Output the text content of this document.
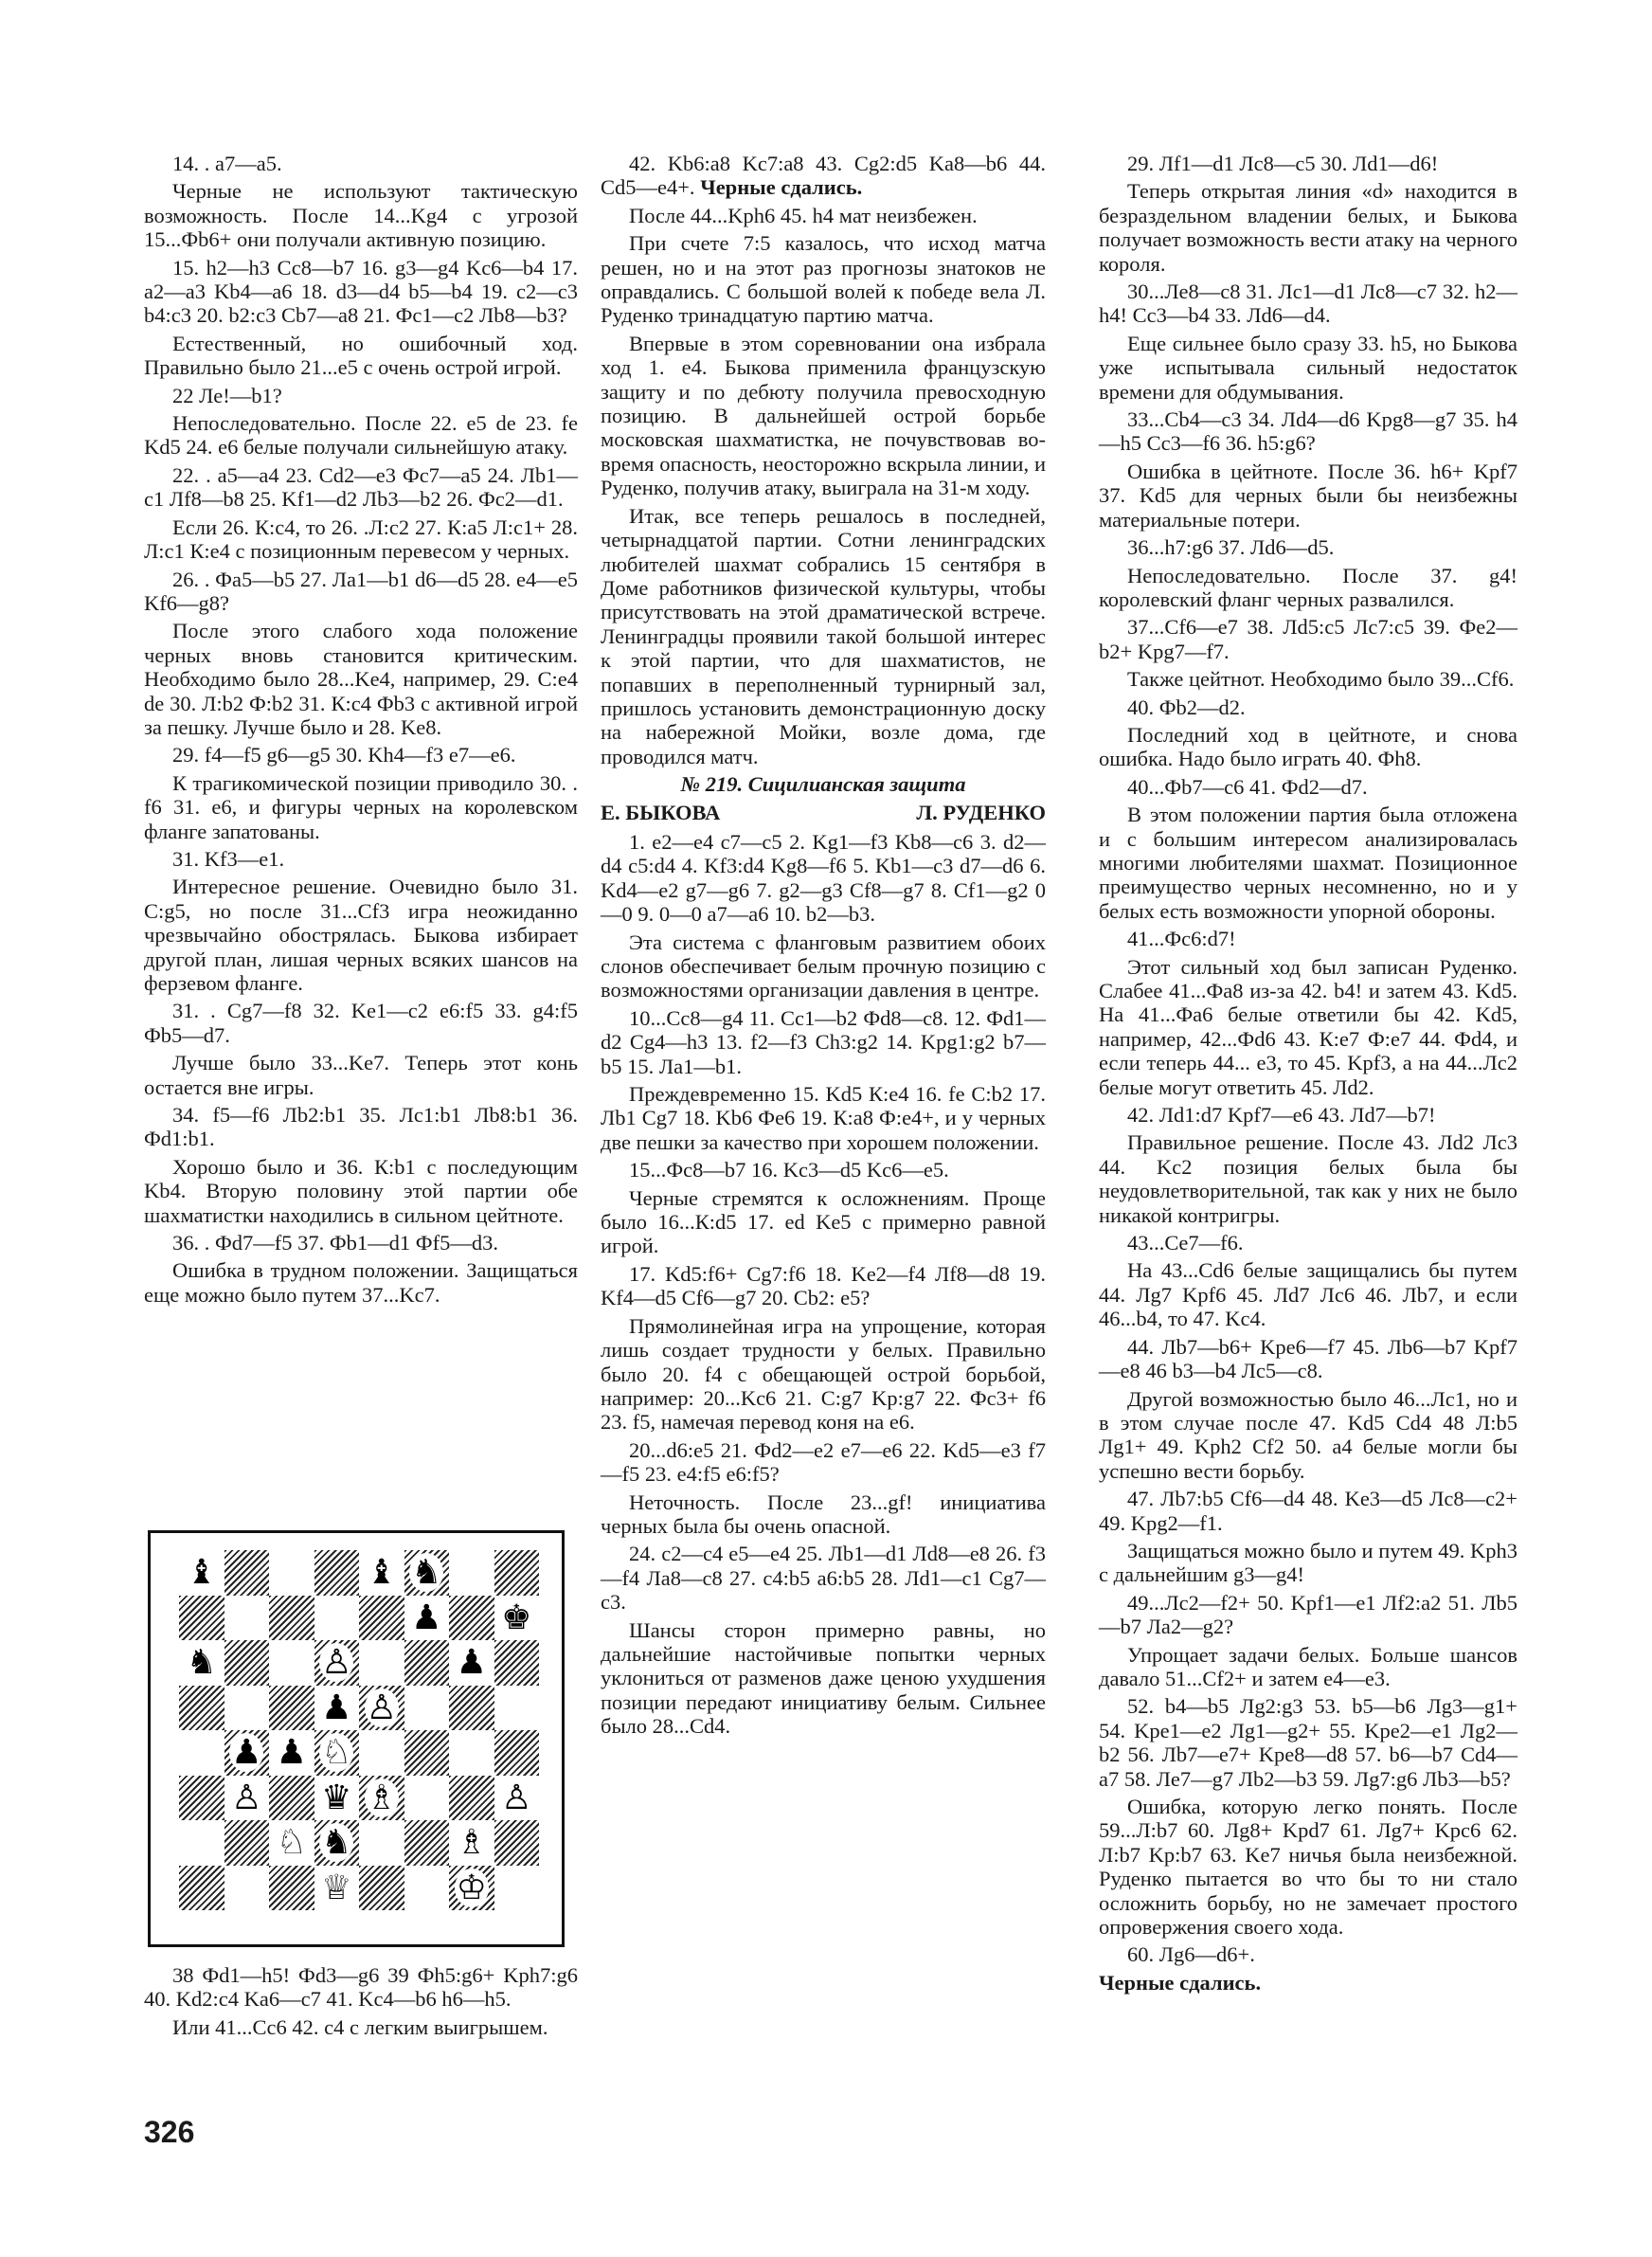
14. . а7—а5.

Черные не используют тактическую возможность. После 14...Kg4 с угрозой 15...Фb6+ они получали активную позицию.

15. h2—h3 Сс8—b7 16. g3—g4 Kc6—b4 17. a2—a3 Kb4—a6 18. d3—d4 b5—b4 19. с2—с3 b4:c3 20. b2:c3 Cb7—a8 21. Фc1—c2 Лb8—b3?

Естественный, но ошибочный ход. Правильно было 21...e5 с очень острой игрой.

22 Ле!—b1?

Непоследовательно. После 22. e5 de 23. fe Kd5 24. e6 белые получали сильнейшую атаку.

22. . а5—а4 23. Cd2—e3 Фс7—а5 24. Лb1—c1 Лf8—b8 25. Kf1—d2 Лb3—b2 26. Фc2—d1.

Если 26. К:с4, то 26. .Л:с2 27. К:а5 Л:с1+ 28. Л:с1 К:е4 с позиционным перевесом у черных.

26. . Фа5—b5 27. Лa1—b1 d6—d5 28. e4—e5 Kf6—g8?

После этого слабого хода положение черных вновь становится критическим. Необходимо было 28...Ke4, например, 29. С:е4 de 30. Л:b2 Ф:b2 31. К:с4 Фb3 с активной игрой за пешку. Лучше было и 28. Ke8.

29. f4—f5 g6—g5 30. Kh4—f3 e7—e6.

К трагикомической позиции приводило 30. . f6 31. e6, и фигуры черных на королевском фланге запатованы.

31. Kf3—e1.

Интересное решение. Очевидно было 31. С:g5, но после 31...Cf3 игра неожиданно чрезвычайно обострялась. Быкова избирает другой план, лишая черных всяких шансов на ферзевом фланге.

31. . Cg7—f8 32. Ke1—c2 e6:f5 33. g4:f5 Фb5—d7.

Лучше было 33...Ke7. Теперь этот конь остается вне игры.

34. f5—f6 Лb2:b1 35. Лc1:b1 Лb8:b1 36. Фd1:b1.

Хорошо было и 36. К:b1 с последующим Kb4. Вторую половину этой партии обе шахматистки находились в сильном цейтноте.

36. . Фd7—f5 37. Фb1—d1 Фf5—d3.

Ошибка в трудном положении. Защищаться еще можно было путем 37...Kc7.

42. Kb6:a8 Kc7:a8 43. Cg2:d5 Ka8—b6 44. Cd5—e4+. Черные сдались.

После 44...Kph6 45. h4 мат неизбежен.

При счете 7:5 казалось, что исход матча решен, но и на этот раз прогнозы знатоков не оправдались. С большой волей к победе вела Л. Руденко тринадцатую партию матча.

Впервые в этом соревновании она избрала ход 1. е4. Быкова применила французскую защиту и по дебюту получила превосходную позицию. В дальнейшей острой борьбе московская шахматистка, не почувствовав во-время опасность, неосторожно вскрыла линии, и Руденко, получив атаку, выиграла на 31-м ходу.

Итак, все теперь решалось в последней, четырнадцатой партии. Сотни ленинградских любителей шахмат собрались 15 сентября в Доме работников физической культуры, чтобы присутствовать на этой драматической встрече. Ленинградцы проявили такой большой интерес к этой партии, что для шахматистов, не попавших в переполненный турнирный зал, пришлось установить демонстрационную доску на набережной Мойки, возле дома, где проводился матч.

№ 219. Сицилианская защита

Е. БЫКОВА	Л. РУДЕНКО

1. e2—e4 c7—c5 2. Kg1—f3 Kb8—c6 3. d2—d4 c5:d4 4. Kf3:d4 Kg8—f6 5. Kb1—c3 d7—d6 6. Kd4—e2 g7—g6 7. g2—g3 Cf8—g7 8. Cf1—g2 0—0 9. 0—0 a7—a6 10. b2—b3.

Эта система с фланговым развитием обоих слонов обеспечивает белым прочную позицию с возможностями организации давления в центре.

10...Cc8—g4 11. Cc1—b2 Фd8—c8. 12. Фd1—d2 Cg4—h3 13. f2—f3 Ch3:g2 14. Kpg1:g2 b7—b5 15. Лa1—b1.

Преждевременно 15. Kd5 К:е4 16. fe С:b2 17. Лb1 Cg7 18. Kb6 Фе6 19. К:а8 Ф:е4+, и у черных две пешки за качество при хорошем положении.

15...Фс8—b7 16. Kc3—d5 Kc6—e5.

Черные стремятся к осложнениям. Проще было 16...К:d5 17. ed Ke5 с примерно равной игрой.

17. Kd5:f6+ Cg7:f6 18. Ke2—f4 Лf8—d8 19. Kf4—d5 Cf6—g7 20. Cb2: e5?

Прямолинейная игра на упрощение, которая лишь создает трудности у белых. Правильно было 20. f4 с обещающей острой борьбой, например: 20...Kc6 21. C:g7 Kp:g7 22. Фc3+ f6 23. f5, намечая перевод коня на е6.

20...d6:e5 21. Фd2—e2 e7—e6 22. Kd5—e3 f7—f5 23. e4:f5 e6:f5?

Неточность. После 23...gf! инициатива черных была бы очень опасной.

24. c2—c4 e5—e4 25. Лb1—d1 Лd8—e8 26. f3—f4 Лa8—c8 27. c4:b5 a6:b5 28. Лd1—c1 Cg7—c3.

Шансы сторон примерно равны, но дальнейшие настойчивые попытки черных уклониться от разменов даже ценою ухудшения позиции передают инициативу белым. Сильнее было 28...Cd4.

29. Лf1—d1 Лc8—c5 30. Лd1—d6!

Теперь открытая линия «d» находится в безраздельном владении белых, и Быкова получает возможность вести атаку на черного короля.

30...Ле8—с8 31. Лс1—d1 Лс8—с7 32. h2—h4! Cc3—b4 33. Лd6—d4.

Еще сильнее было сразу 33. h5, но Быкова уже испытывала сильный недостаток времени для обдумывания.

33...Cb4—c3 34. Лd4—d6 Kpg8—g7 35. h4—h5 Cc3—f6 36. h5:g6?

Ошибка в цейтноте. После 36. h6+ Kpf7 37. Kd5 для черных были бы неизбежны материальные потери.

36...h7:g6 37. Лd6—d5.

Непоследовательно. После 37. g4! королевский фланг черных развалился.

37...Cf6—e7 38. Лd5:c5 Лc7:c5 39. Фe2—b2+ Kpg7—f7.

Также цейтнот. Необходимо было 39...Cf6.

40. Фb2—d2.

Последний ход в цейтноте, и снова ошибка. Надо было играть 40. Фh8.

40...Фb7—c6 41. Фd2—d7.

В этом положении партия была отложена и с большим интересом анализировалась многими любителями шахмат. Позиционное преимущество черных несомненно, но и у белых есть возможности упорной обороны.

41...Фс6:d7!

Этот сильный ход был записан Руденко. Слабее 41...Фа8 из-за 42. b4! и затем 43. Kd5. На 41...Фа6 белые ответили бы 42. Kd5, например, 42...Фd6 43. К:е7 Ф:е7 44. Фd4, и если теперь 44... e3, то 45. Kpf3, а на 44...Лc2 белые могут ответить 45. Лd2.

42. Лd1:d7 Kpf7—e6 43. Лd7—b7!

Правильное решение. После 43. Лd2 Лс3 44. Kc2 позиция белых была бы неудовлетворительной, так как у них не было никакой контригры.

43...Ce7—f6.

На 43...Cd6 белые защищались бы путем 44. Лg7 Kpf6 45. Лd7 Лc6 46. Лb7, и если 46...b4, то 47. Kc4.

44. Лb7—b6+ Kpe6—f7 45. Лb6—b7 Kpf7—e8 46 b3—b4 Лc5—c8.

Другой возможностью было 46...Лc1, но и в этом случае после 47. Kd5 Cd4 48 Л:b5 Лg1+ 49. Kph2 Cf2 50. a4 белые могли бы успешно вести борьбу.

47. Лb7:b5 Cf6—d4 48. Ke3—d5 Лc8—c2+ 49. Kpg2—f1.

Защищаться можно было и путем 49. Kph3 с дальнейшим g3—g4!

49...Лc2—f2+ 50. Kpf1—e1 Лf2:a2 51. Лb5—b7 Лa2—g2?

Упрощает задачи белых. Больше шансов давало 51...Cf2+ и затем е4—е3.

52. b4—b5 Лg2:g3 53. b5—b6 Лg3—g1+ 54. Kpe1—e2 Лg1—g2+ 55. Kpe2—e1 Лg2—b2 56. Лb7—e7+ Kpe8—d8 57. b6—b7 Cd4—a7 58. Лe7—g7 Лb2—b3 59. Лg7:g6 Лb3—b5?

Ошибка, которую легко понять. После 59...Л:b7 60. Лg8+ Kpd7 61. Лg7+ Kpc6 62. Л:b7 Kp:b7 63. Ke7 ничья была неизбежной. Руденко пытается во что бы то ни стало осложнить борьбу, но не замечает простого опровержения своего хода.

60. Лg6—d6+.

Черные сдались.

♝	♝ ♞
♟ ♚
♞	♙	♟
♟ ♙
♟ ♟ ♘
♙ ♛ ♗	♙
♘ ♞	♗
♕	♔

38 Фd1—h5! Фd3—g6 39 Фh5:g6+ Kph7:g6 40. Kd2:c4 Ka6—c7 41. Kc4—b6 h6—h5.

Или 41...Cc6 42. c4 с легким выигрышем.

326
